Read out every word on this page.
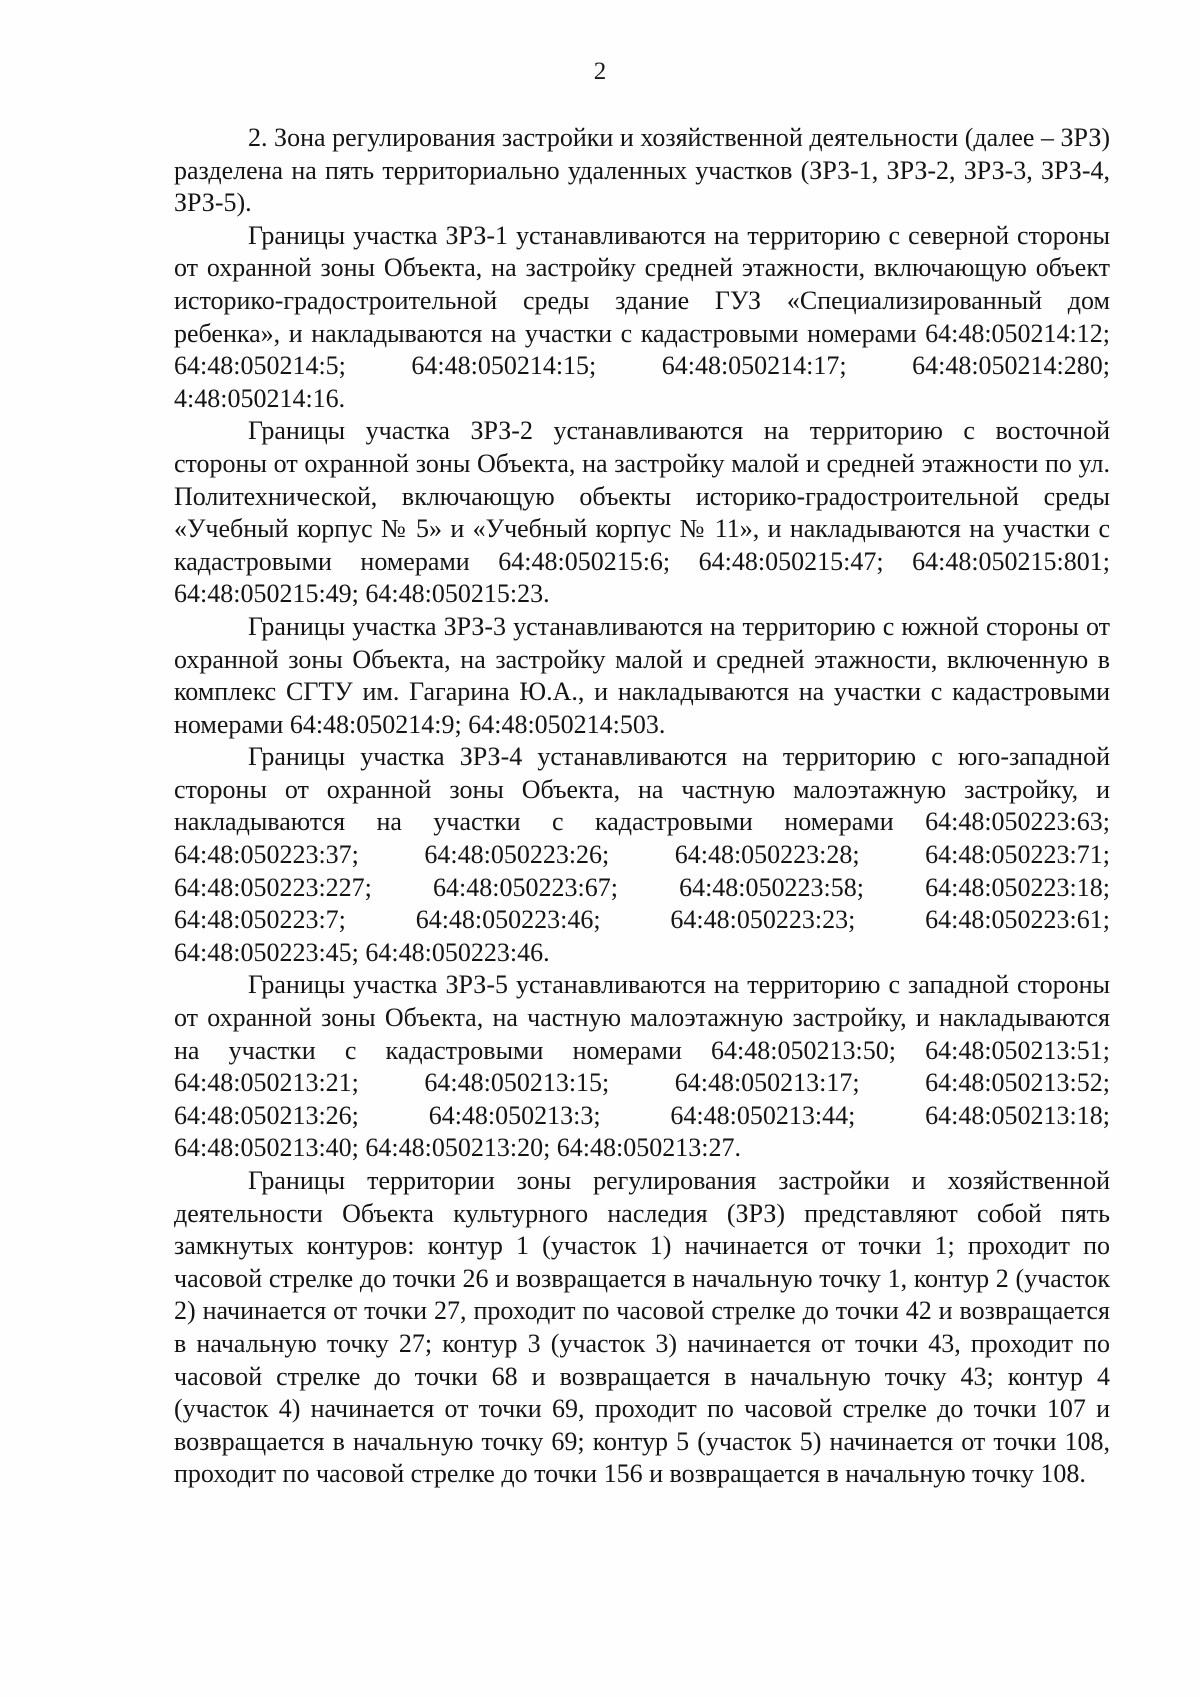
2

2. Зона регулирования застройки и хозяйственной деятельности (далее – ЗРЗ) разделена на пять территориально удаленных участков (ЗРЗ-1, ЗРЗ-2, ЗРЗ-3, ЗРЗ-4, ЗРЗ-5).

Границы участка ЗРЗ-1 устанавливаются на территорию с северной стороны от охранной зоны Объекта, на застройку средней этажности, включающую объект историко-градостроительной среды здание ГУЗ «Специализированный дом ребенка», и накладываются на участки с кадастровыми номерами 64:48:050214:12; 64:48:050214:5; 64:48:050214:15; 64:48:050214:17; 64:48:050214:280; 4:48:050214:16.

Границы участка ЗРЗ-2 устанавливаются на территорию с восточной стороны от охранной зоны Объекта, на застройку малой и средней этажности по ул. Политехнической, включающую объекты историко-градостроительной среды «Учебный корпус № 5» и «Учебный корпус № 11», и накладываются на участки с кадастровыми номерами 64:48:050215:6; 64:48:050215:47; 64:48:050215:801; 64:48:050215:49; 64:48:050215:23.

Границы участка ЗРЗ-3 устанавливаются на территорию с южной стороны от охранной зоны Объекта, на застройку малой и средней этажности, включенную в комплекс СГТУ им. Гагарина Ю.А., и накладываются на участки с кадастровыми номерами 64:48:050214:9; 64:48:050214:503.

Границы участка ЗРЗ-4 устанавливаются на территорию с юго-западной стороны от охранной зоны Объекта, на частную малоэтажную застройку, и накладываются на участки с кадастровыми номерами 64:48:050223:63; 64:48:050223:37; 64:48:050223:26; 64:48:050223:28; 64:48:050223:71; 64:48:050223:227; 64:48:050223:67; 64:48:050223:58; 64:48:050223:18; 64:48:050223:7; 64:48:050223:46; 64:48:050223:23; 64:48:050223:61; 64:48:050223:45; 64:48:050223:46.

Границы участка ЗРЗ-5 устанавливаются на территорию с западной стороны от охранной зоны Объекта, на частную малоэтажную застройку, и накладываются на участки с кадастровыми номерами 64:48:050213:50; 64:48:050213:51; 64:48:050213:21; 64:48:050213:15; 64:48:050213:17; 64:48:050213:52; 64:48:050213:26; 64:48:050213:3; 64:48:050213:44; 64:48:050213:18; 64:48:050213:40; 64:48:050213:20; 64:48:050213:27.

Границы территории зоны регулирования застройки и хозяйственной деятельности Объекта культурного наследия (ЗРЗ) представляют собой пять замкнутых контуров: контур 1 (участок 1) начинается от точки 1; проходит по часовой стрелке до точки 26 и возвращается в начальную точку 1, контур 2 (участок 2) начинается от точки 27, проходит по часовой стрелке до точки 42 и возвращается в начальную точку 27; контур 3 (участок 3) начинается от точки 43, проходит по часовой стрелке до точки 68 и возвращается в начальную точку 43; контур 4 (участок 4) начинается от точки 69, проходит по часовой стрелке до точки 107 и возвращается в начальную точку 69; контур 5 (участок 5) начинается от точки 108, проходит по часовой стрелке до точки 156 и возвращается в начальную точку 108.
